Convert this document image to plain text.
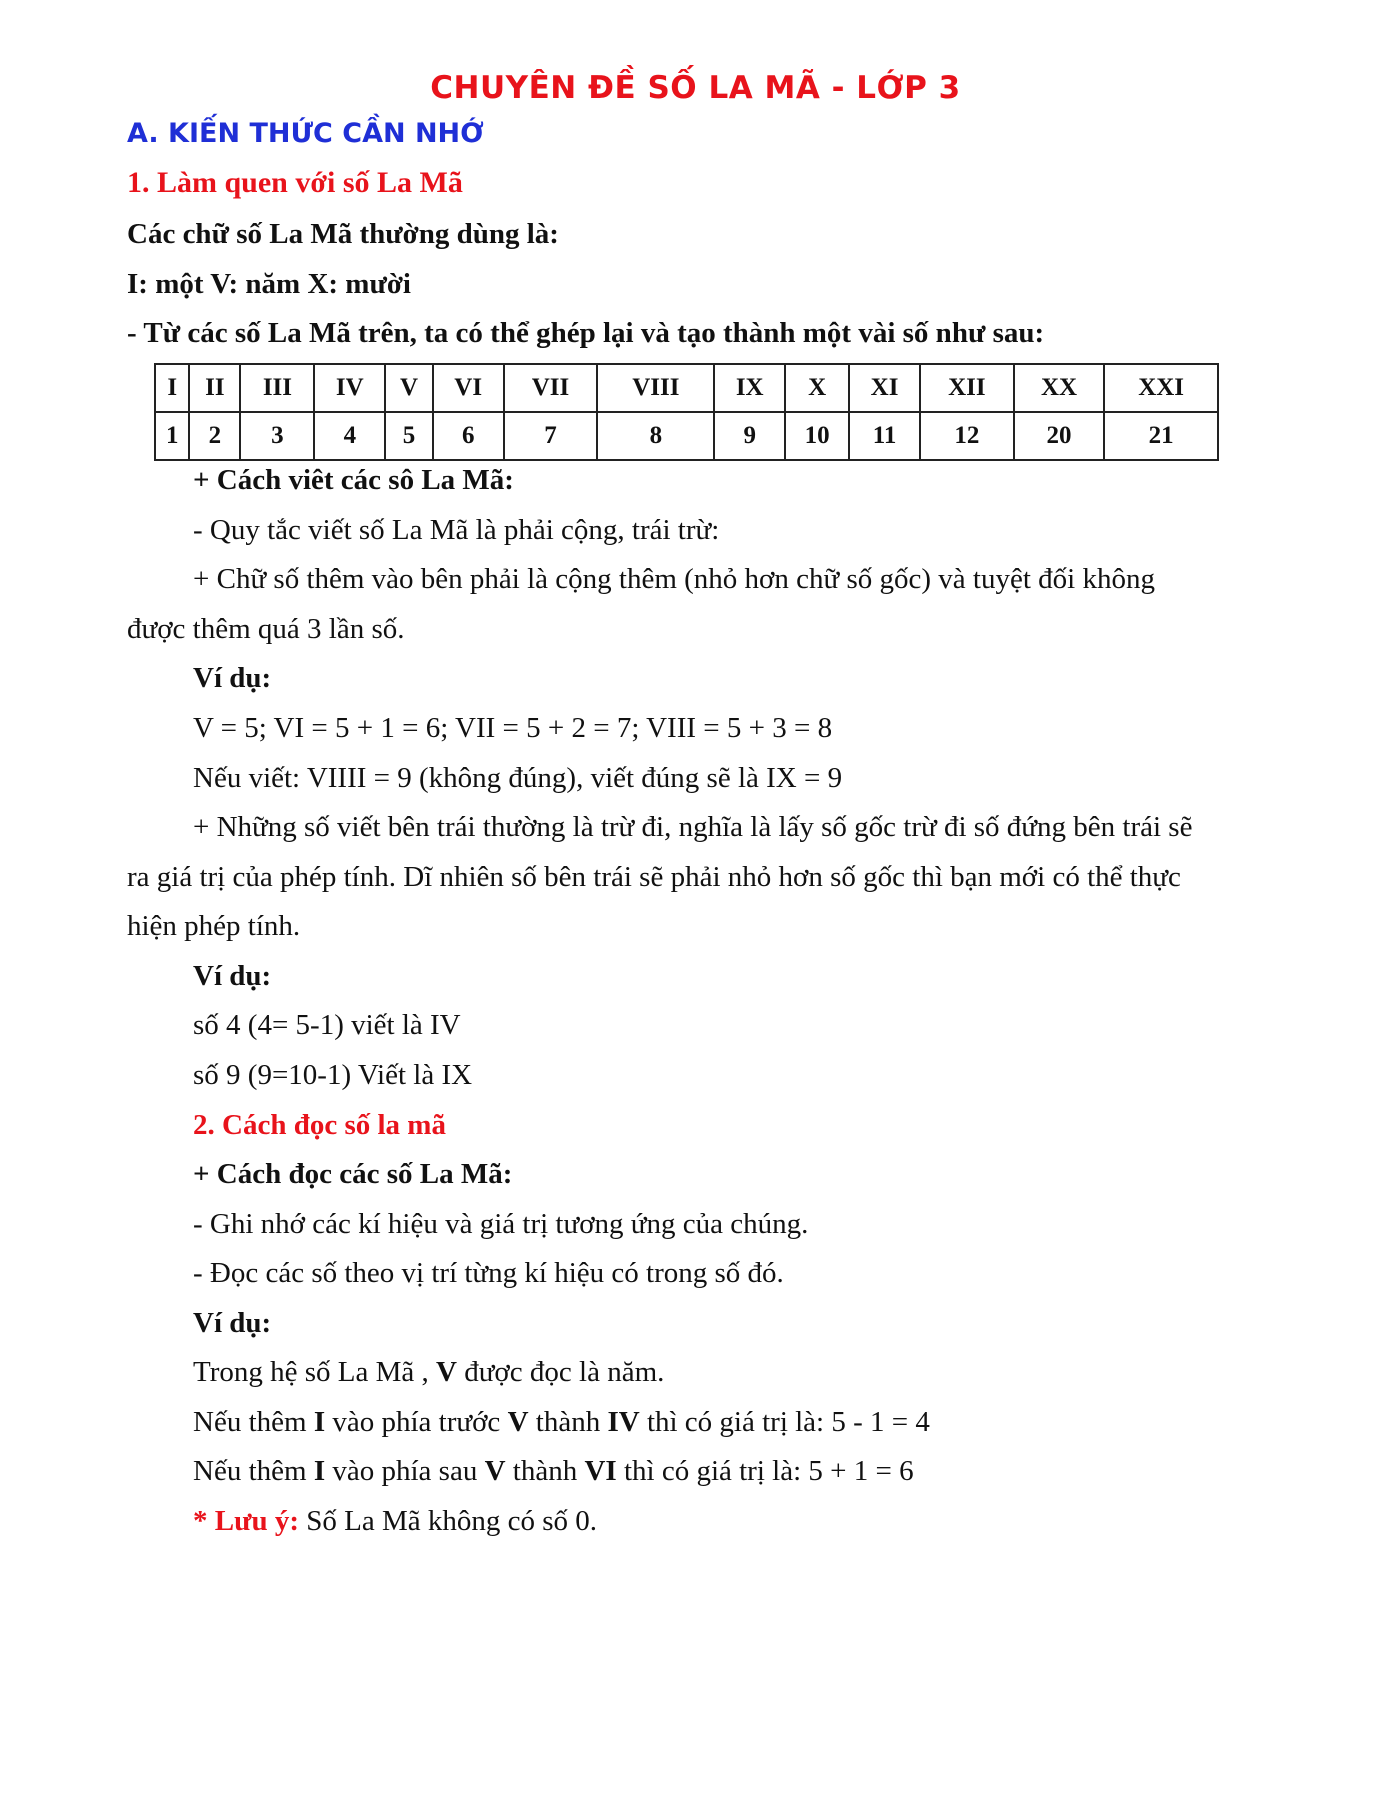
CHUYÊN ĐỀ SỐ LA MÃ - LỚP 3
A. KIẾN THỨC CẦN NHỚ
1. Làm quen với số La Mã
Các chữ số La Mã thường dùng là:
I: một V: năm X: mười
- Từ các số La Mã trên, ta có thể ghép lại và tạo thành một vài số như sau:
I	II	III	IV	V	VI	VII	VIII	IX	X	XI	XII	XX	XXI
1	2	3	4	5	6	7	8	9	10	11	12	20	21
+ Cách viêt các sô La Mã:
- Quy tắc viết số La Mã là phải cộng, trái trừ:
+ Chữ số thêm vào bên phải là cộng thêm (nhỏ hơn chữ số gốc) và tuyệt đối không
được thêm quá 3 lần số.
Ví dụ:
V = 5; VI = 5 + 1 = 6; VII = 5 + 2 = 7; VIII = 5 + 3 = 8
Nếu viết: VIIII = 9 (không đúng), viết đúng sẽ là IX = 9
+ Những số viết bên trái thường là trừ đi, nghĩa là lấy số gốc trừ đi số đứng bên trái sẽ
ra giá trị của phép tính. Dĩ nhiên số bên trái sẽ phải nhỏ hơn số gốc thì bạn mới có thể thực
hiện phép tính.
Ví dụ:
số 4 (4= 5-1) viết là IV
số 9 (9=10-1) Viết là IX
2. Cách đọc số la mã
+ Cách đọc các số La Mã:
- Ghi nhớ các kí hiệu và giá trị tương ứng của chúng.
- Đọc các số theo vị trí từng kí hiệu có trong số đó.
Ví dụ:
Trong hệ số La Mã , V được đọc là năm.
Nếu thêm I vào phía trước V thành IV thì có giá trị là: 5 - 1 = 4
Nếu thêm I vào phía sau V thành VI thì có giá trị là: 5 + 1 = 6
* Lưu ý: Số La Mã không có số 0.
